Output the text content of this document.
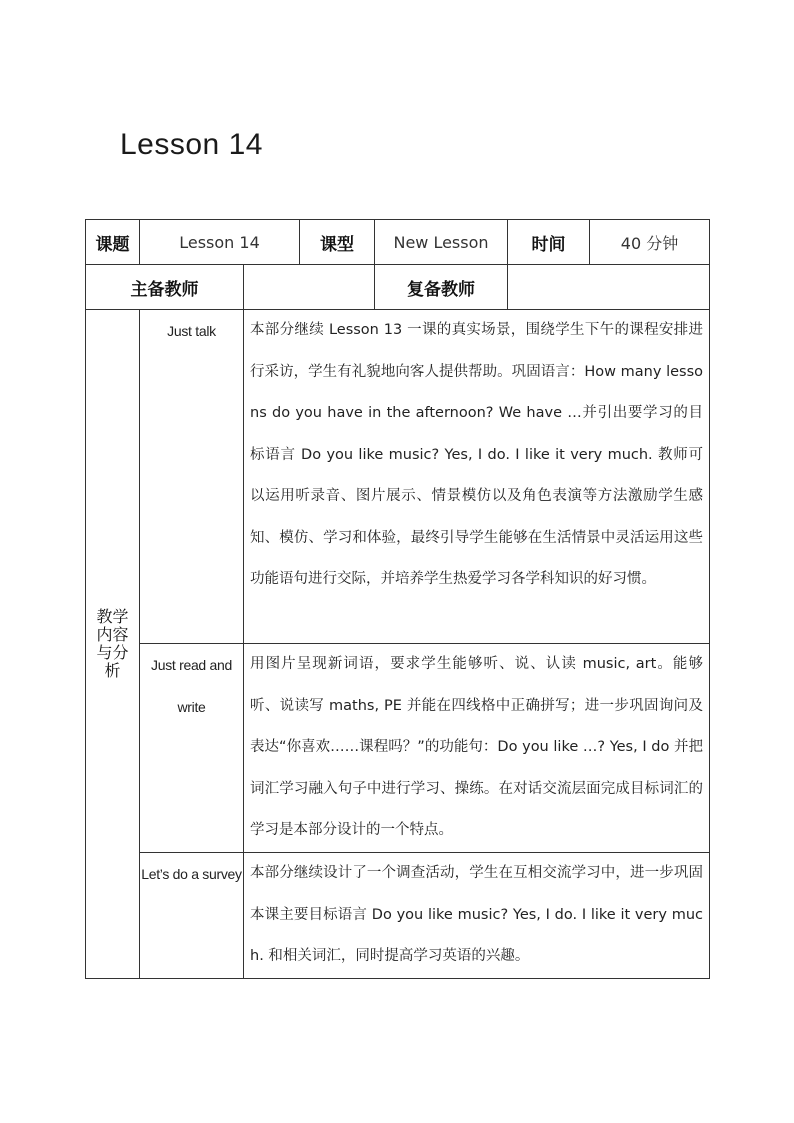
Lesson 14
课题	Lesson 14		课型	New Lesson	时间	40 分钟
主备教师				复备教师		
教学内容与分析	Just talk	本部分继续 Lesson 13 一课的真实场景，围绕学生下午的课程安排进行采访，学生有礼貌地向客人提供帮助。巩固语言：How many lessons do you have in the afternoon? We have …并引出要学习的目标语言 Do you like music? Yes, I do. I like it very much. 教师可以运用听录音、图片展示、情景模仿以及角色表演等方法激励学生感知、模仿、学习和体验，最终引导学生能够在生活情景中灵活运用这些功能语句进行交际，并培养学生热爱学习各学科知识的好习惯。				
	Just read and write	用图片呈现新词语，要求学生能够听、说、认读 music, art。能够听、说读写 maths, PE 并能在四线格中正确拼写；进一步巩固询问及表达“你喜欢……课程吗？”的功能句：Do you like …? Yes, I do 并把词汇学习融入句子中进行学习、操练。在对话交流层面完成目标词汇的学习是本部分设计的一个特点。				
	Let’s do a survey	本部分继续设计了一个调查活动，学生在互相交流学习中，进一步巩固本课主要目标语言 Do you like music? Yes, I do. I like it very much. 和相关词汇，同时提高学习英语的兴趣。				
